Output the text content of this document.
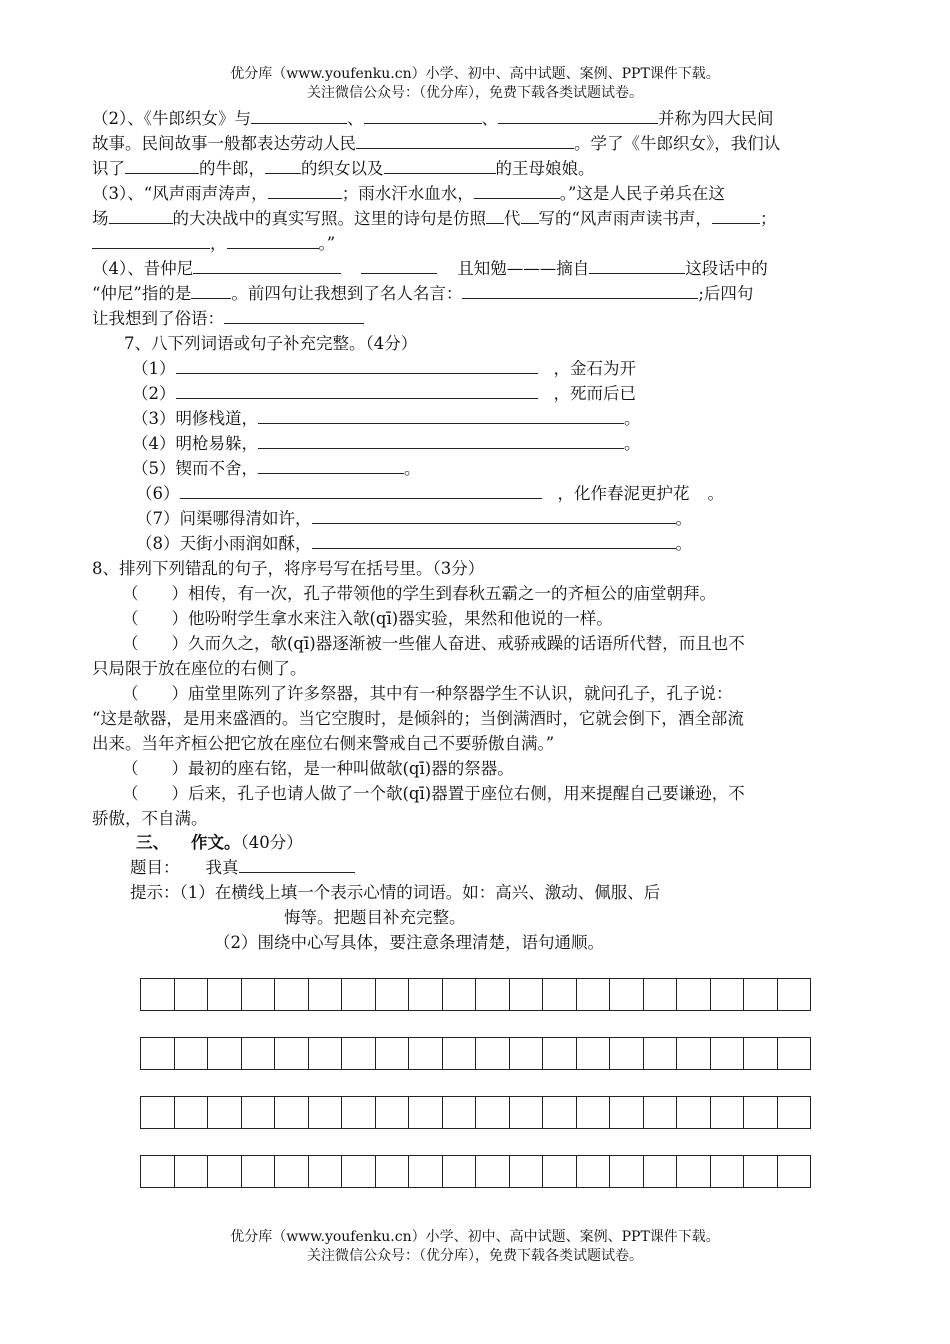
优分库（www.youfenku.cn）小学、初中、高中试题、案例、PPT课件下载。
关注微信公众号：（优分库），免费下载各类试题试卷。
（2）、《牛郎织女》与	、	、	并称为四大民间
故事。民间故事一般都表达劳动人民	。学了《牛郎织女》，我们认
识了	的牛郎， 的织女以及	的王母娘娘。
（3）、“风声雨声涛声，	；雨水汗水血水，	。”这是人民子弟兵在这
场	的大决战中的真实写照。这里的诗句是仿照 代 写的“风声雨声读书声，	；
，	。”
（4）、昔仲尼	且知勉———摘自	这段话中的
“仲尼”指的是 。前四句让我想到了名人名言：	;后四句
让我想到了俗语：
7、八下列词语或句子补充完整。（4分）
（1）	，金石为开
（2）	，死而后已
（3）明修栈道，	。
（4）明枪易躲，	。
（5）锲而不舍，	。
（6）	，化作春泥更护花 。
（7）问渠哪得清如许，	。
（8）天街小雨润如酥，	。
8、排列下列错乱的句子，将序号写在括号里。（3分）
（　　）相传，有一次，孔子带领他的学生到春秋五霸之一的齐桓公的庙堂朝拜。
（　　）他吩咐学生拿水来注入欹(qī)器实验，果然和他说的一样。
（　　）久而久之，欹(qī)器逐渐被一些催人奋进、戒骄戒躁的话语所代替，而且也不
只局限于放在座位的右侧了。
（　　）庙堂里陈列了许多祭器，其中有一种祭器学生不认识，就问孔子，孔子说：
“这是欹器，是用来盛酒的。当它空腹时，是倾斜的；当倒满酒时，它就会倒下，酒全部流
出来。当年齐桓公把它放在座位右侧来警戒自己不要骄傲自满。”
（　　）最初的座右铭，是一种叫做欹(qī)器的祭器。
（　　）后来，孔子也请人做了一个欹(qī)器置于座位右侧，用来提醒自己要谦逊，不
骄傲，不自满。
三、 作文。（40分）
题目： 我真
提示：（1）在横线上填一个表示心情的词语。如：高兴、激动、佩服、后
悔等。把题目补充完整。
（2）围绕中心写具体，要注意条理清楚，语句通顺。

优分库（www.youfenku.cn）小学、初中、高中试题、案例、PPT课件下载。
关注微信公众号：（优分库），免费下载各类试题试卷。
